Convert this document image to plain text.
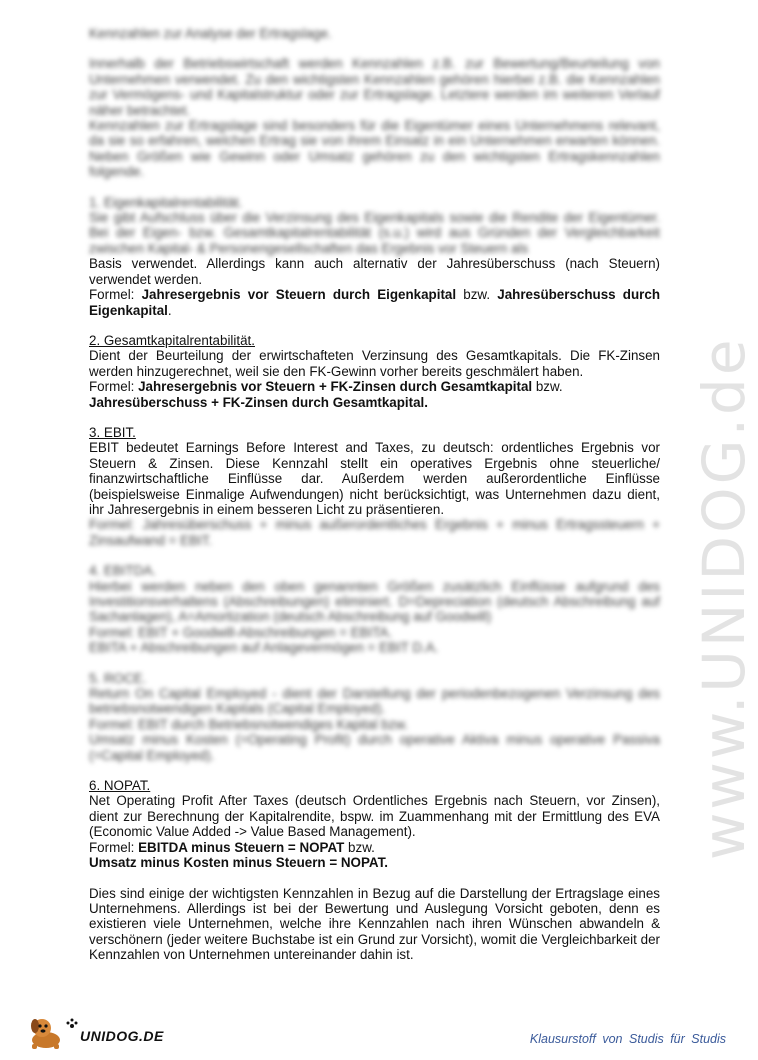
www.UNIDOG.de

Kennzahlen zur Analyse der Ertragslage.

Innerhalb der Betriebswirtschaft werden Kennzahlen z.B. zur Bewertung/Beurteilung von Unternehmen verwendet. Zu den wichtigsten Kennzahlen gehören hierbei z.B. die Kennzahlen zur Vermögens- und Kapitalstruktur oder zur Ertragslage. Letztere werden im weiteren Verlauf näher betrachtet.

Kennzahlen zur Ertragslage sind besonders für die Eigentümer eines Unternehmens relevant, da sie so erfahren, welchen Ertrag sie von ihrem Einsatz in ein Unternehmen erwarten können. Neben Größen wie Gewinn oder Umsatz gehören zu den wichtigsten Ertragskennzahlen folgende.

1. Eigenkapitalrentabilität.

Sie gibt Aufschluss über die Verzinsung des Eigenkapitals sowie die Rendite der Eigentümer. Bei der Eigen- bzw. Gesamtkapitalrentabilität (s.u.) wird aus Gründen der Vergleichbarkeit zwischen Kapital- & Personengesellschaften das Ergebnis vor Steuern als

Basis verwendet. Allerdings kann auch alternativ der Jahresüberschuss (nach Steuern) verwendet werden.

Formel: Jahresergebnis vor Steuern durch Eigenkapital bzw. Jahresüberschuss durch Eigenkapital.

2. Gesamtkapitalrentabilität.

Dient der Beurteilung der erwirtschafteten Verzinsung des Gesamtkapitals. Die FK-Zinsen werden hinzugerechnet, weil sie den FK-Gewinn vorher bereits geschmälert haben.

Formel: Jahresergebnis vor Steuern + FK-Zinsen durch Gesamtkapital bzw.
Jahresüberschuss + FK-Zinsen durch Gesamtkapital.

3. EBIT.

EBIT bedeutet Earnings Before Interest and Taxes, zu deutsch: ordentliches Ergebnis vor Steuern & Zinsen. Diese Kennzahl stellt ein operatives Ergebnis ohne steuerliche/ finanzwirtschaftliche Einflüsse dar. Außerdem werden außerordentliche Einflüsse (beispielsweise Einmalige Aufwendungen) nicht berücksichtigt, was Unternehmen dazu dient, ihr Jahresergebnis in einem besseren Licht zu präsentieren.

Formel: Jahresüberschuss + minus außerordentliches Ergebnis + minus Ertragssteuern + Zinsaufwand = EBIT.

4. EBITDA.

Hierbei werden neben den oben genannten Größen zusätzlich Einflüsse aufgrund des Investitionsverhaltens (Abschreibungen) eliminiert. D=Depreciation (deutsch Abschreibung auf Sachanlagen), A=Amortization (deutsch Abschreibung auf Goodwill)

Formel: EBIT + Goodwill-Abschreibungen = EBITA.

EBITA + Abschreibungen auf Anlagevermögen = EBIT D.A.

5. ROCE.

Return On Capital Employed - dient der Darstellung der periodenbezogenen Verzinsung des betriebsnotwendigen Kapitals (Capital Employed).

Formel: EBIT durch Betriebsnotwendiges Kapital bzw.

Umsatz minus Kosten (=Operating Profit) durch operative Aktiva minus operative Passiva (=Capital Employed).

6. NOPAT.

Net Operating Profit After Taxes (deutsch Ordentliches Ergebnis nach Steuern, vor Zinsen), dient zur Berechnung der Kapitalrendite, bspw. im Zuammenhang mit der Ermittlung des EVA (Economic Value Added -> Value Based Management).

Formel: EBITDA minus Steuern = NOPAT bzw.
Umsatz minus Kosten minus Steuern = NOPAT.

Dies sind einige der wichtigsten Kennzahlen in Bezug auf die Darstellung der Ertragslage eines Unternehmens. Allerdings ist bei der Bewertung und Auslegung Vorsicht geboten, denn es existieren viele Unternehmen, welche ihre Kennzahlen nach ihren Wünschen abwandeln & verschönern (jeder weitere Buchstabe ist ein Grund zur Vorsicht), womit die Vergleichbarkeit der Kennzahlen von Unternehmen untereinander dahin ist.

UNIDOG.DE	Klausurstoff von Studis für Studis
